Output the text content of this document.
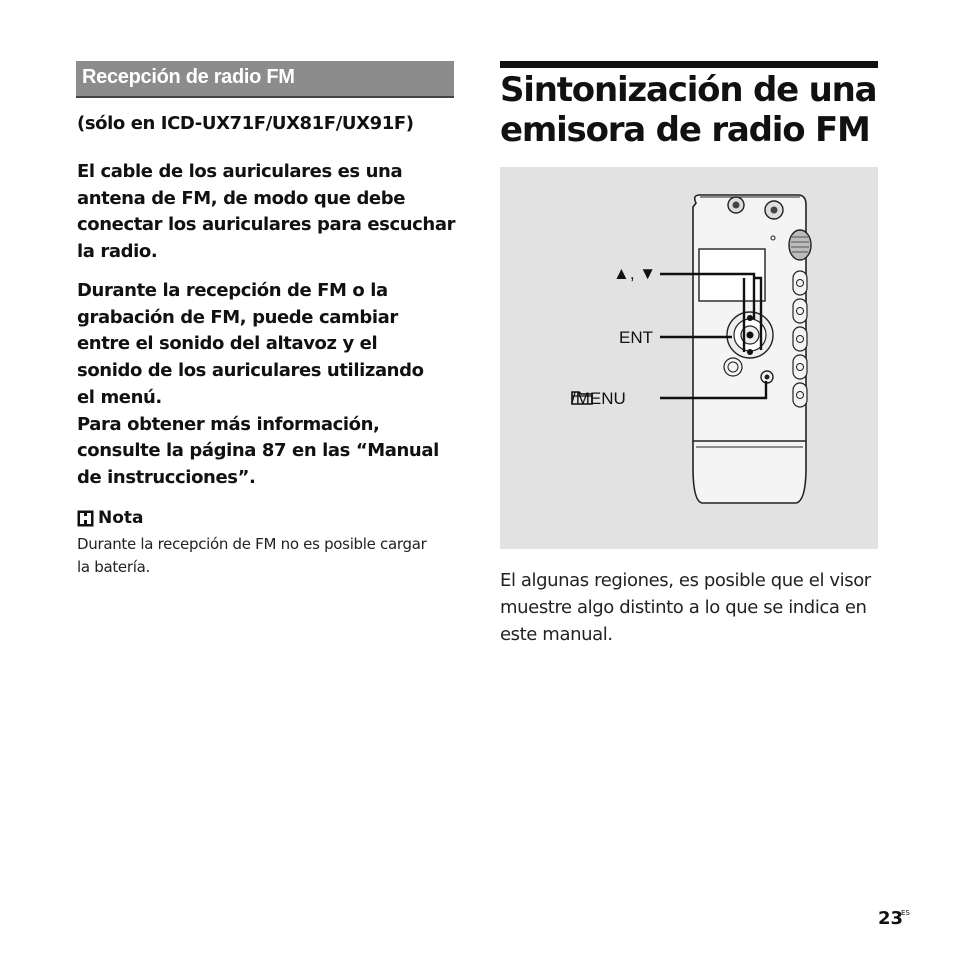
Recepción de radio FM
(sólo en ICD-UX71F/UX81F/UX91F)

El cable de los auriculares es una antena de FM, de modo que debe conectar los auriculares para escuchar la radio.

Durante la recepción de FM o la
grabación de FM, puede cambiar
entre el sonido del altavoz y el
sonido de los auriculares utilizando
el menú.
Para obtener más información,
consulte la página 87 en las “Manual
de instrucciones”.
Nota

Durante la recepción de FM no es posible cargar la batería.

Sintonización de una emisora de radio FM
▲, ▼
ENT
/MENU

El algunas regiones, es posible que el visor muestre algo distinto a lo que se indica en este manual.

23
ES
